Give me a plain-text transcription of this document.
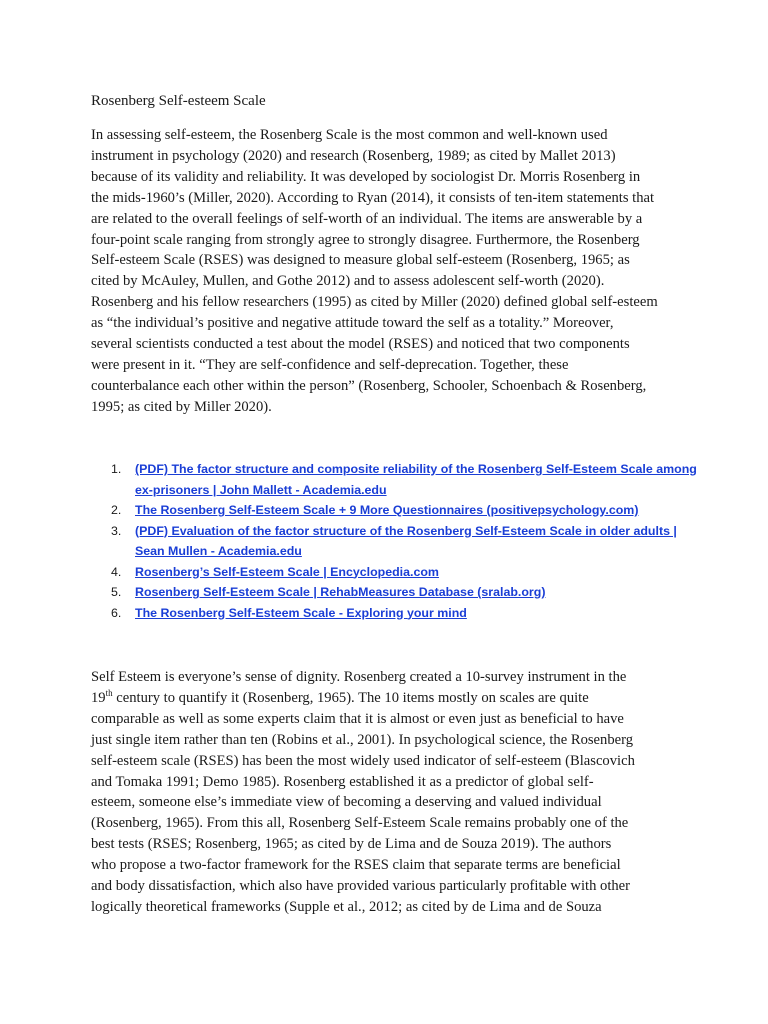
Rosenberg Self-esteem Scale
In assessing self-esteem, the Rosenberg Scale is the most common and well-known used
instrument in psychology (2020) and research (Rosenberg, 1989; as cited by Mallet 2013)
because of its validity and reliability. It was developed by sociologist Dr. Morris Rosenberg in
the mids-1960’s (Miller, 2020). According to Ryan (2014), it consists of ten-item statements that
are related to the overall feelings of self-worth of an individual. The items are answerable by a
four-point scale ranging from strongly agree to strongly disagree. Furthermore, the Rosenberg
Self-esteem Scale (RSES) was designed to measure global self-esteem (Rosenberg, 1965; as
cited by McAuley, Mullen, and Gothe 2012) and to assess adolescent self-worth (2020).
Rosenberg and his fellow researchers (1995) as cited by Miller (2020) defined global self-esteem
as “the individual’s positive and negative attitude toward the self as a totality.” Moreover,
several scientists conducted a test about the model (RSES) and noticed that two components
were present in it. “They are self-confidence and self-deprecation. Together, these
counterbalance each other within the person” (Rosenberg, Schooler, Schoenbach & Rosenberg,
1995; as cited by Miller 2020).
1. (PDF) The factor structure and composite reliability of the Rosenberg Self-Esteem Scale among
ex-prisoners | John Mallett - Academia.edu
2. The Rosenberg Self-Esteem Scale + 9 More Questionnaires (positivepsychology.com)
3. (PDF) Evaluation of the factor structure of the Rosenberg Self-Esteem Scale in older adults |
Sean Mullen - Academia.edu
4. Rosenberg’s Self-Esteem Scale | Encyclopedia.com
5. Rosenberg Self-Esteem Scale | RehabMeasures Database (sralab.org)
6. The Rosenberg Self-Esteem Scale - Exploring your mind
Self Esteem is everyone’s sense of dignity. Rosenberg created a 10-survey instrument in the
19th century to quantify it (Rosenberg, 1965). The 10 items mostly on scales are quite
comparable as well as some experts claim that it is almost or even just as beneficial to have
just single item rather than ten (Robins et al., 2001). In psychological science, the Rosenberg
self-esteem scale (RSES) has been the most widely used indicator of self-esteem (Blascovich
and Tomaka 1991; Demo 1985). Rosenberg established it as a predictor of global self-
esteem, someone else’s immediate view of becoming a deserving and valued individual
(Rosenberg, 1965). From this all, Rosenberg Self-Esteem Scale remains probably one of the
best tests (RSES; Rosenberg, 1965; as cited by de Lima and de Souza 2019). The authors
who propose a two-factor framework for the RSES claim that separate terms are beneficial
and body dissatisfaction, which also have provided various particularly profitable with other
logically theoretical frameworks (Supple et al., 2012; as cited by de Lima and de Souza
